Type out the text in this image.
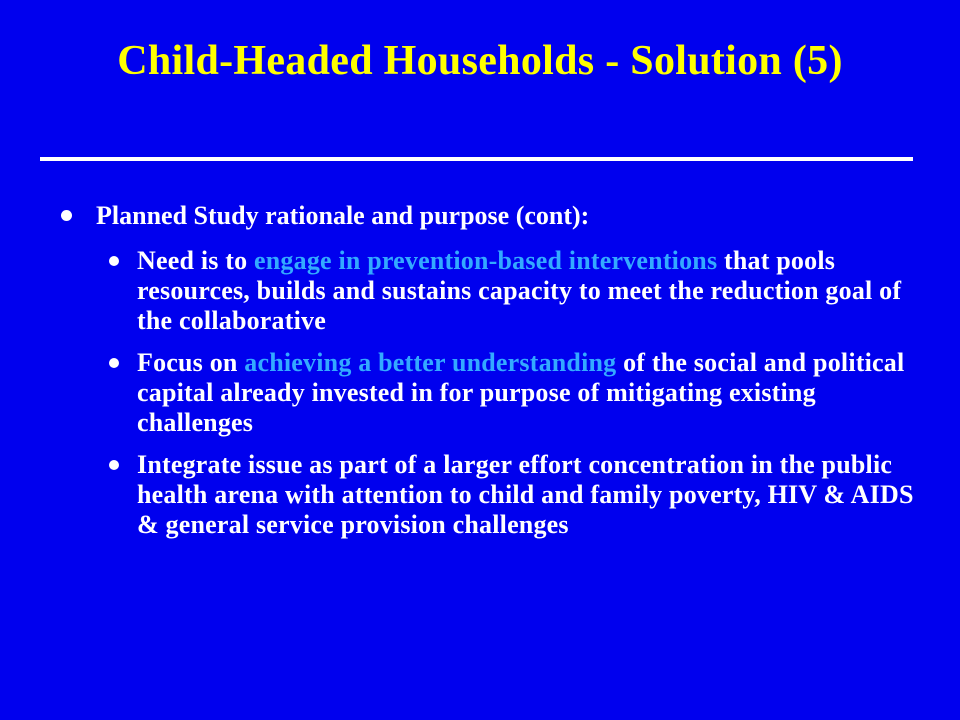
Child-Headed Households - Solution (5)
Planned Study rationale and purpose (cont):
Need is to engage in prevention-based interventions that pools resources, builds and sustains capacity to meet the reduction goal of the collaborative
Focus on achieving a better understanding of the social and political capital already invested in for purpose of mitigating existing challenges
Integrate issue as part of a larger effort concentration in the public health arena with attention to child and family poverty, HIV & AIDS & general service provision challenges
